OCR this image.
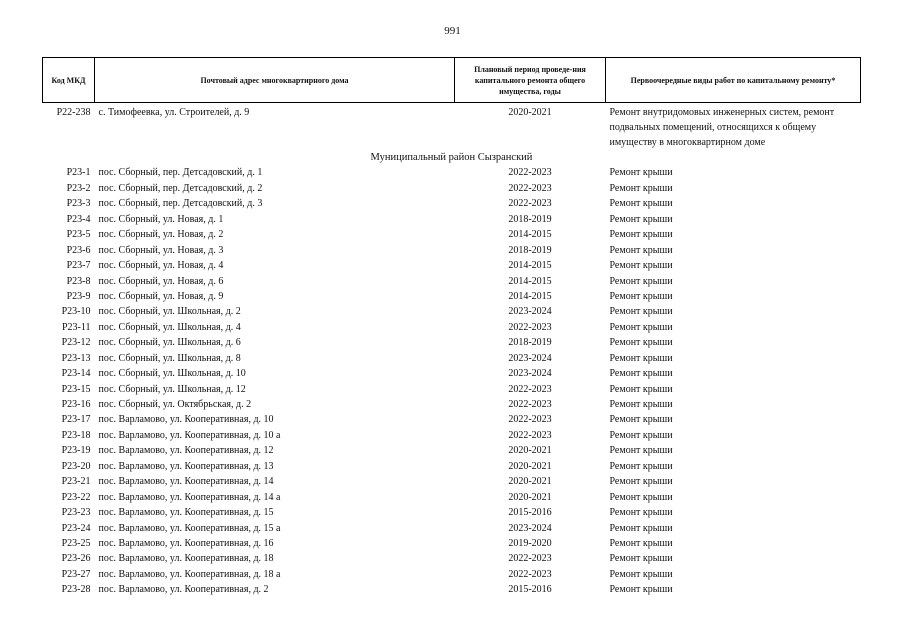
991
Код МКД	Почтовый адрес многоквартирного дома	Плановый период проведе-ния капитального ремонта общего имущества, годы	Первоочередные виды работ по капитальному ремонту*
Р22-238	с. Тимофеевка, ул. Строителей, д. 9	2020-2021	Ремонт внутридомовых инженерных систем, ремонт подвальных помещений, относящихся к общему имуществу в многоквартирном доме
Муниципальный район Сызранский			
Р23-1	пос. Сборный, пер. Детсадовский, д. 1	2022-2023	Ремонт крыши
Р23-2	пос. Сборный, пер. Детсадовский, д. 2	2022-2023	Ремонт крыши
Р23-3	пос. Сборный, пер. Детсадовский, д. 3	2022-2023	Ремонт крыши
Р23-4	пос. Сборный, ул. Новая, д. 1	2018-2019	Ремонт крыши
Р23-5	пос. Сборный, ул. Новая, д. 2	2014-2015	Ремонт крыши
Р23-6	пос. Сборный, ул. Новая, д. 3	2018-2019	Ремонт крыши
Р23-7	пос. Сборный, ул. Новая, д. 4	2014-2015	Ремонт крыши
Р23-8	пос. Сборный, ул. Новая, д. 6	2014-2015	Ремонт крыши
Р23-9	пос. Сборный, ул. Новая, д. 9	2014-2015	Ремонт крыши
Р23-10	пос. Сборный, ул. Школьная, д. 2	2023-2024	Ремонт крыши
Р23-11	пос. Сборный, ул. Школьная, д. 4	2022-2023	Ремонт крыши
Р23-12	пос. Сборный, ул. Школьная, д. 6	2018-2019	Ремонт крыши
Р23-13	пос. Сборный, ул. Школьная, д. 8	2023-2024	Ремонт крыши
Р23-14	пос. Сборный, ул. Школьная, д. 10	2023-2024	Ремонт крыши
Р23-15	пос. Сборный, ул. Школьная, д. 12	2022-2023	Ремонт крыши
Р23-16	пос. Сборный, ул. Октябрьская, д. 2	2022-2023	Ремонт крыши
Р23-17	пос. Варламово, ул. Кооперативная, д. 10	2022-2023	Ремонт крыши
Р23-18	пос. Варламово, ул. Кооперативная, д. 10 а	2022-2023	Ремонт крыши
Р23-19	пос. Варламово, ул. Кооперативная, д. 12	2020-2021	Ремонт крыши
Р23-20	пос. Варламово, ул. Кооперативная, д. 13	2020-2021	Ремонт крыши
Р23-21	пос. Варламово, ул. Кооперативная, д. 14	2020-2021	Ремонт крыши
Р23-22	пос. Варламово, ул. Кооперативная, д. 14 а	2020-2021	Ремонт крыши
Р23-23	пос. Варламово, ул. Кооперативная, д. 15	2015-2016	Ремонт крыши
Р23-24	пос. Варламово, ул. Кооперативная, д. 15 а	2023-2024	Ремонт крыши
Р23-25	пос. Варламово, ул. Кооперативная, д. 16	2019-2020	Ремонт крыши
Р23-26	пос. Варламово, ул. Кооперативная, д. 18	2022-2023	Ремонт крыши
Р23-27	пос. Варламово, ул. Кооперативная, д. 18 а	2022-2023	Ремонт крыши
Р23-28	пос. Варламово, ул. Кооперативная, д. 2	2015-2016	Ремонт крыши
